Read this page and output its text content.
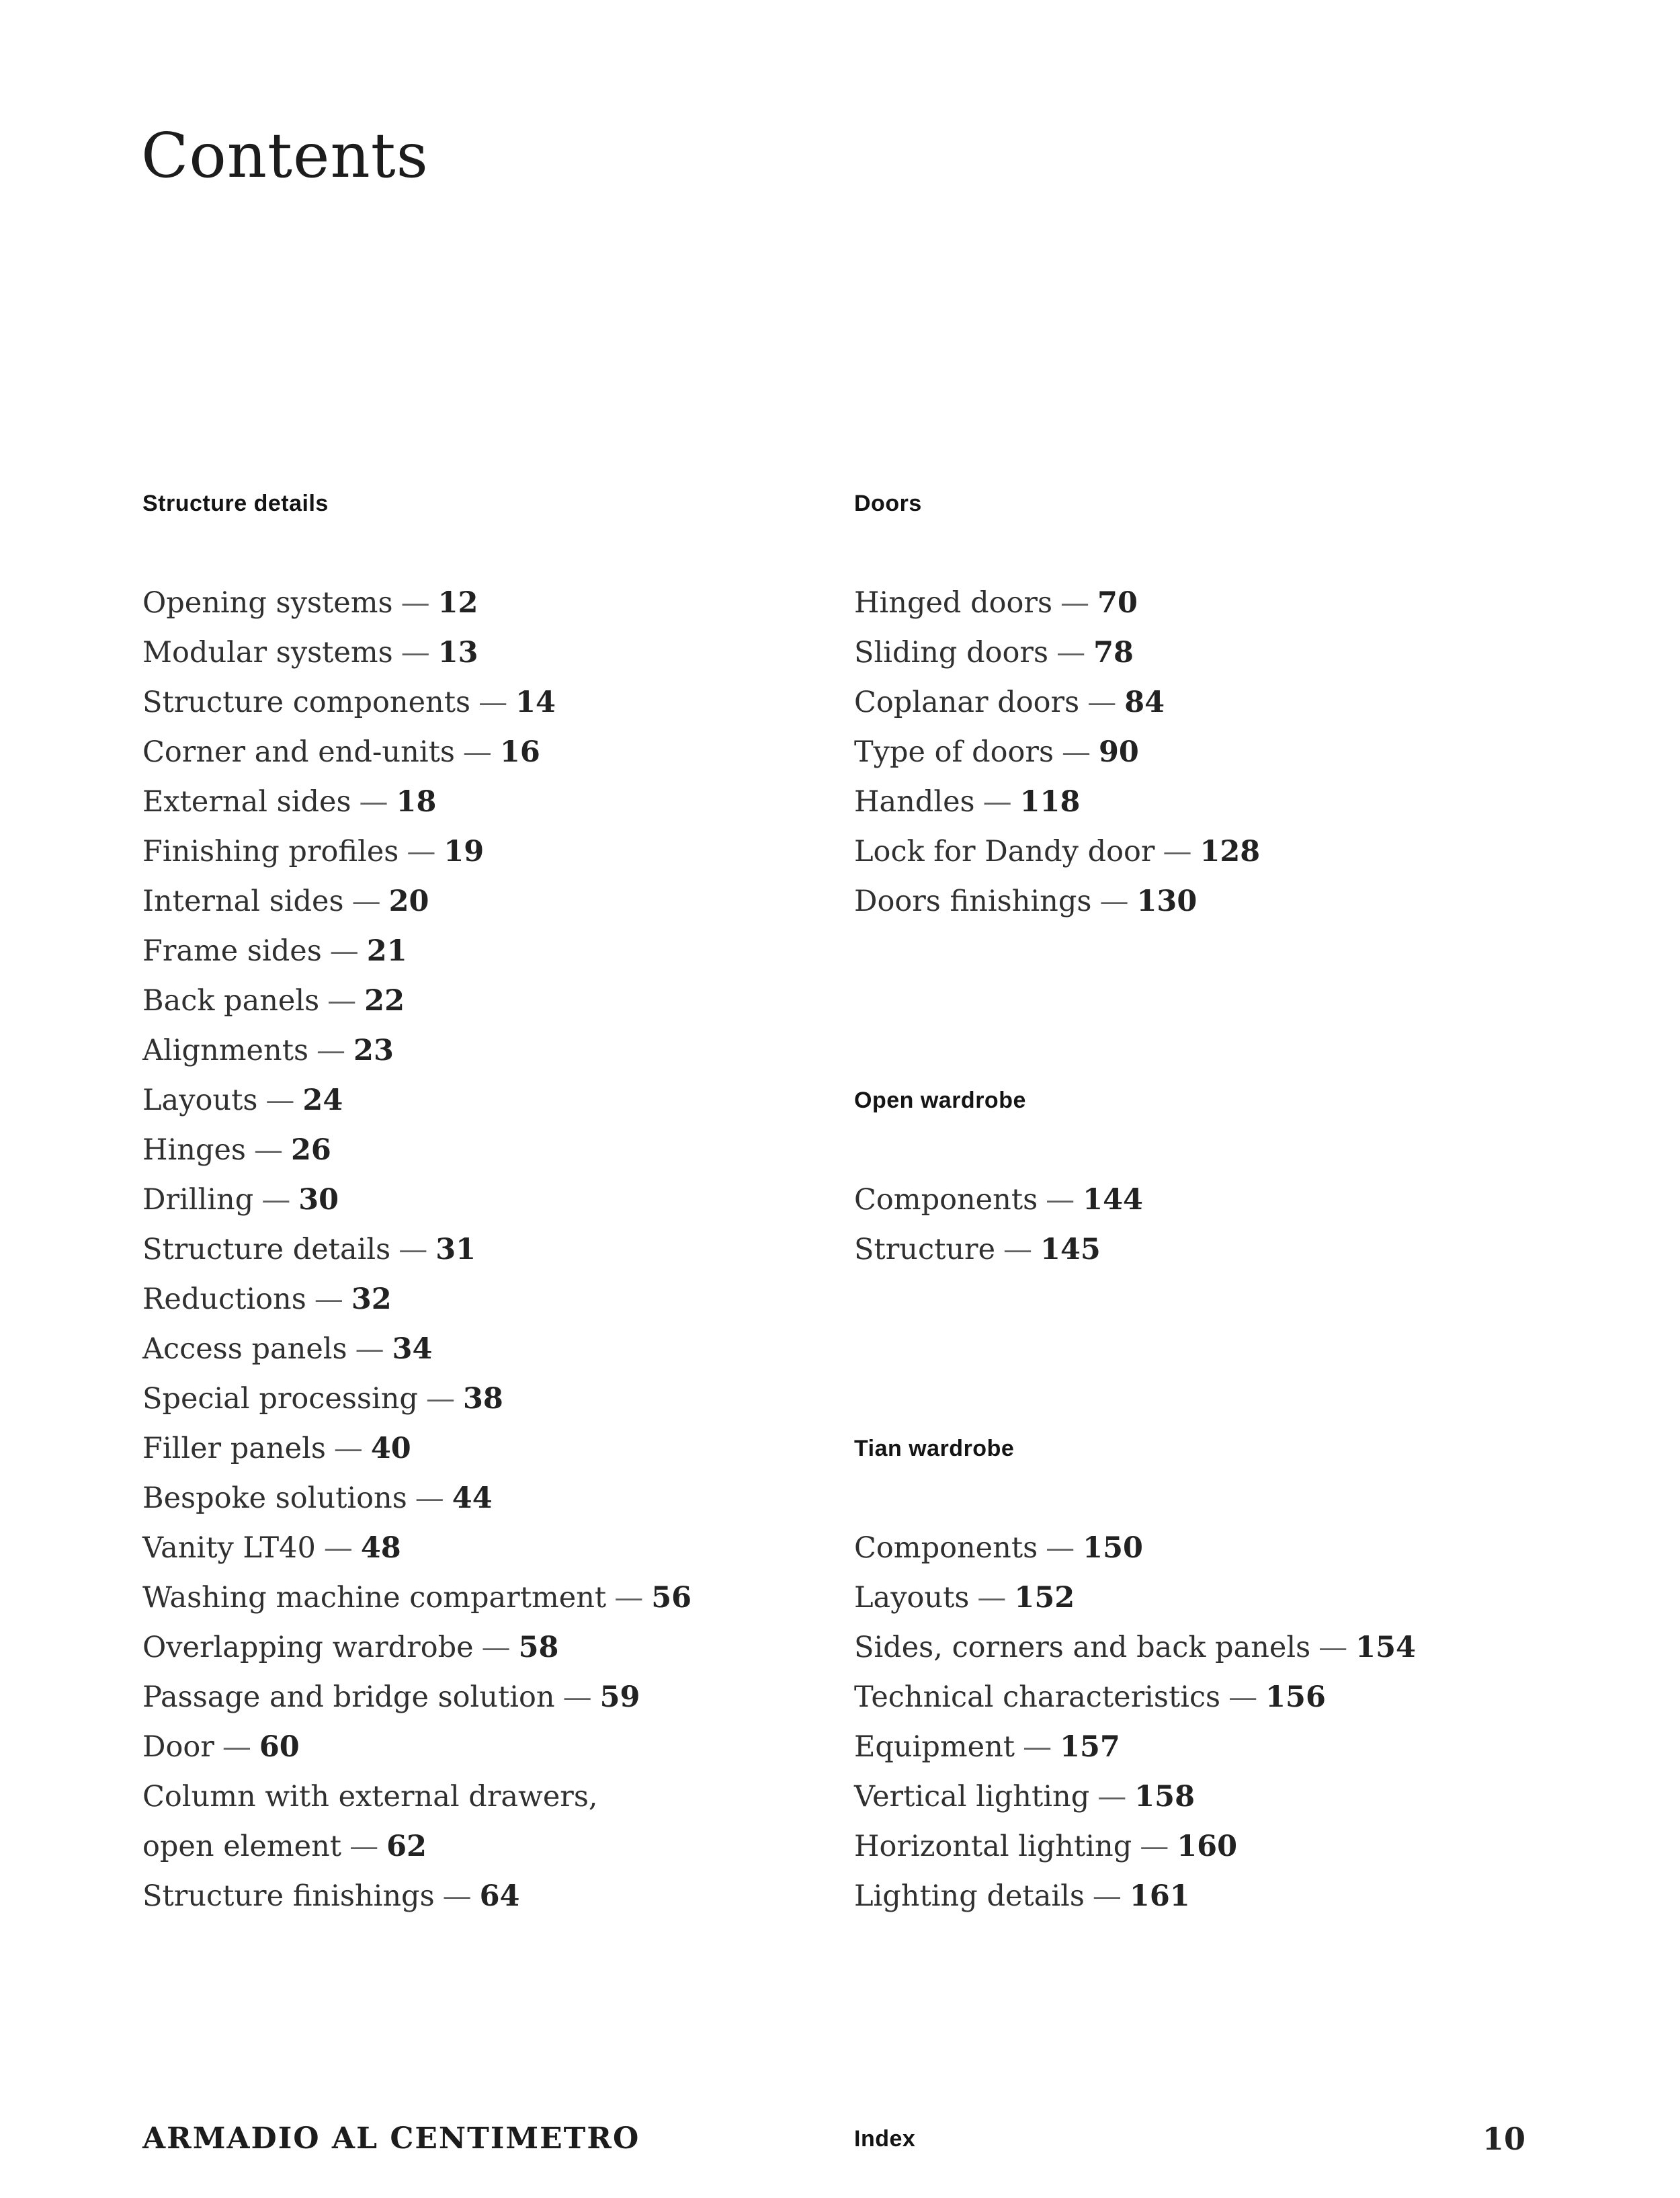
Contents
Structure details
Opening systems — 12
Modular systems — 13
Structure components — 14
Corner and end-units — 16
External sides — 18
Finishing profiles — 19
Internal sides — 20
Frame sides — 21
Back panels — 22
Alignments — 23
Layouts — 24
Hinges — 26
Drilling — 30
Structure details — 31
Reductions — 32
Access panels — 34
Special processing — 38
Filler panels — 40
Bespoke solutions — 44
Vanity LT40 — 48
Washing machine compartment — 56
Overlapping wardrobe — 58
Passage and bridge solution — 59
Door — 60
Column with external drawers,
open element — 62
Structure finishings — 64
Doors
Hinged doors — 70
Sliding doors — 78
Coplanar doors — 84
Type of doors — 90
Handles — 118
Lock for Dandy door — 128
Doors finishings — 130
Open wardrobe
Components — 144
Structure — 145
Tian wardrobe
Components — 150
Layouts — 152
Sides, corners and back panels — 154
Technical characteristics — 156
Equipment — 157
Vertical lighting — 158
Horizontal lighting — 160
Lighting details — 161
ARMADIO AL CENTIMETRO	Index	10
